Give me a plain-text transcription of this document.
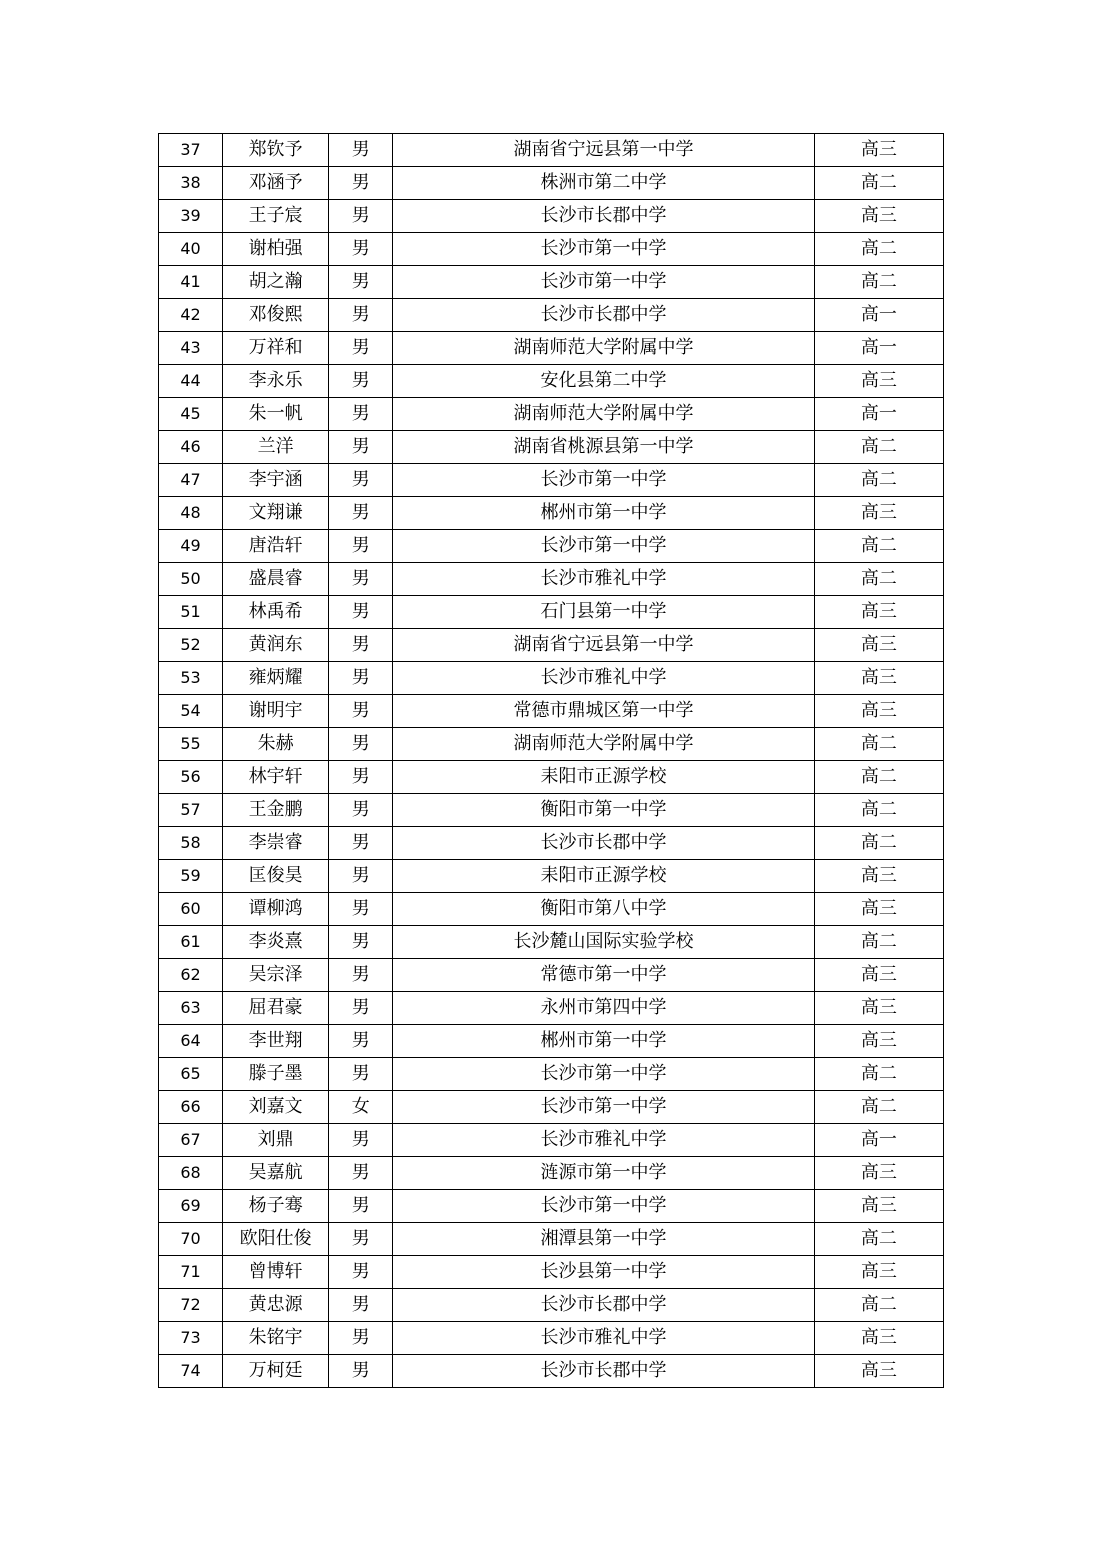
37	郑钦予	男	湖南省宁远县第一中学	高三
38	邓涵予	男	株洲市第二中学	高二
39	王子宸	男	长沙市长郡中学	高三
40	谢柏强	男	长沙市第一中学	高二
41	胡之瀚	男	长沙市第一中学	高二
42	邓俊熙	男	长沙市长郡中学	高一
43	万祥和	男	湖南师范大学附属中学	高一
44	李永乐	男	安化县第二中学	高三
45	朱一帆	男	湖南师范大学附属中学	高一
46	兰洋	男	湖南省桃源县第一中学	高二
47	李宇涵	男	长沙市第一中学	高二
48	文翔谦	男	郴州市第一中学	高三
49	唐浩轩	男	长沙市第一中学	高二
50	盛晨睿	男	长沙市雅礼中学	高二
51	林禹希	男	石门县第一中学	高三
52	黄润东	男	湖南省宁远县第一中学	高三
53	雍炳耀	男	长沙市雅礼中学	高三
54	谢明宇	男	常德市鼎城区第一中学	高三
55	朱赫	男	湖南师范大学附属中学	高二
56	林宇轩	男	耒阳市正源学校	高二
57	王金鹏	男	衡阳市第一中学	高二
58	李崇睿	男	长沙市长郡中学	高二
59	匡俊昊	男	耒阳市正源学校	高三
60	谭柳鸿	男	衡阳市第八中学	高三
61	李炎熹	男	长沙麓山国际实验学校	高二
62	吴宗泽	男	常德市第一中学	高三
63	屈君豪	男	永州市第四中学	高三
64	李世翔	男	郴州市第一中学	高三
65	滕子墨	男	长沙市第一中学	高二
66	刘嘉文	女	长沙市第一中学	高二
67	刘鼎	男	长沙市雅礼中学	高一
68	吴嘉航	男	涟源市第一中学	高三
69	杨子骞	男	长沙市第一中学	高三
70	欧阳仕俊	男	湘潭县第一中学	高二
71	曾博轩	男	长沙县第一中学	高三
72	黄忠源	男	长沙市长郡中学	高二
73	朱铭宇	男	长沙市雅礼中学	高三
74	万柯廷	男	长沙市长郡中学	高三
